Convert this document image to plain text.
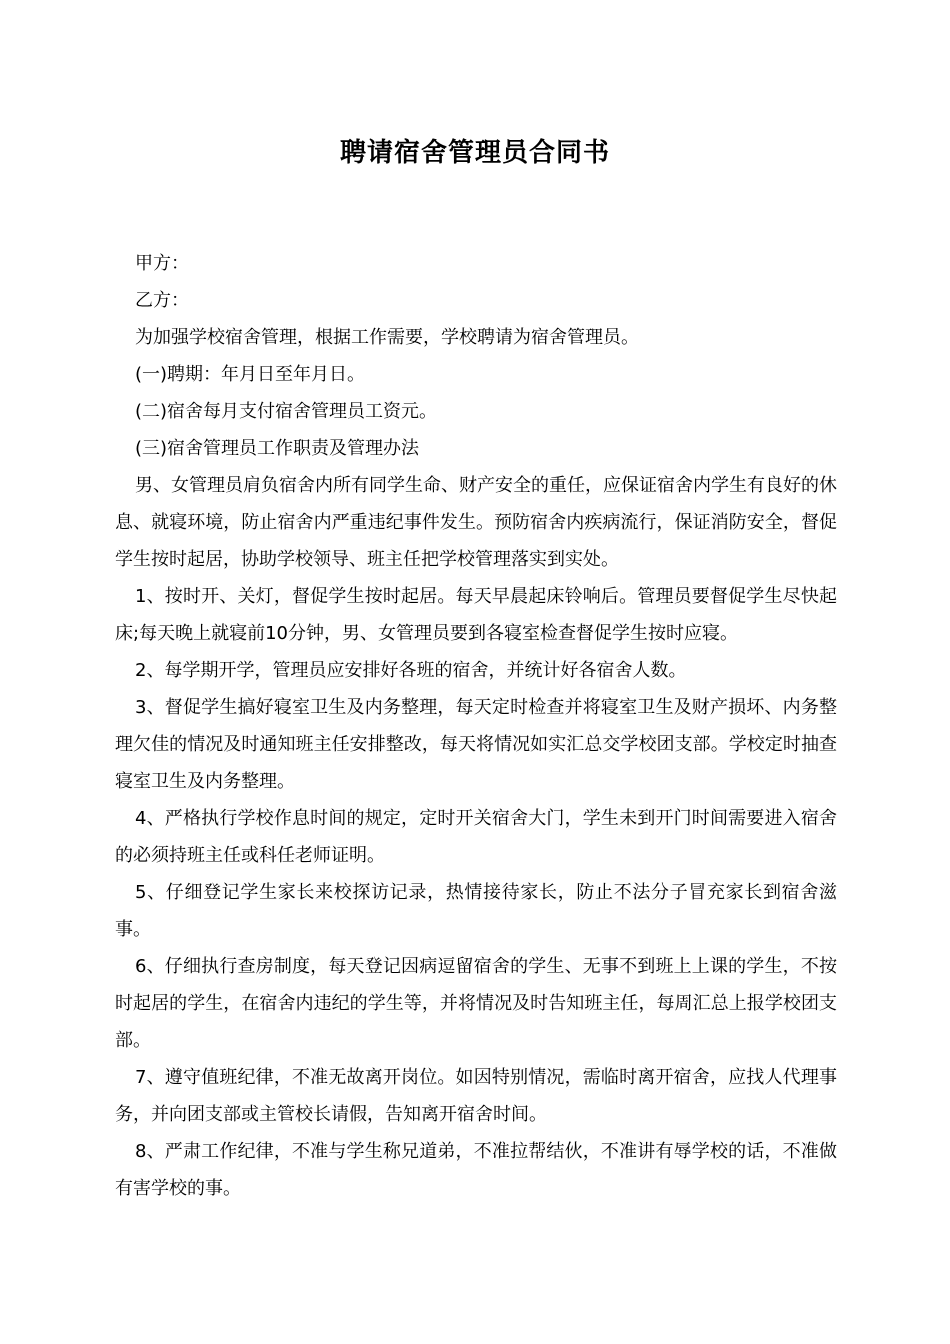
聘请宿舍管理员合同书

甲方：

乙方：

为加强学校宿舍管理，根据工作需要，学校聘请为宿舍管理员。

(一)聘期：年月日至年月日。

(二)宿舍每月支付宿舍管理员工资元。

(三)宿舍管理员工作职责及管理办法

男、女管理员肩负宿舍内所有同学生命、财产安全的重任，应保证宿舍内学生有良好的休息、就寝环境，防止宿舍内严重违纪事件发生。预防宿舍内疾病流行，保证消防安全，督促学生按时起居，协助学校领导、班主任把学校管理落实到实处。

1、按时开、关灯，督促学生按时起居。每天早晨起床铃响后。管理员要督促学生尽快起床;每天晚上就寝前10分钟，男、女管理员要到各寝室检查督促学生按时应寝。

2、每学期开学，管理员应安排好各班的宿舍，并统计好各宿舍人数。

3、督促学生搞好寝室卫生及内务整理，每天定时检查并将寝室卫生及财产损坏、内务整理欠佳的情况及时通知班主任安排整改，每天将情况如实汇总交学校团支部。学校定时抽查寝室卫生及内务整理。

4、严格执行学校作息时间的规定，定时开关宿舍大门，学生未到开门时间需要进入宿舍的必须持班主任或科任老师证明。

5、仔细登记学生家长来校探访记录，热情接待家长，防止不法分子冒充家长到宿舍滋事。

6、仔细执行查房制度，每天登记因病逗留宿舍的学生、无事不到班上上课的学生，不按时起居的学生，在宿舍内违纪的学生等，并将情况及时告知班主任，每周汇总上报学校团支部。

7、遵守值班纪律，不准无故离开岗位。如因特别情况，需临时离开宿舍，应找人代理事务，并向团支部或主管校长请假，告知离开宿舍时间。

8、严肃工作纪律，不准与学生称兄道弟，不准拉帮结伙，不准讲有辱学校的话，不准做有害学校的事。
